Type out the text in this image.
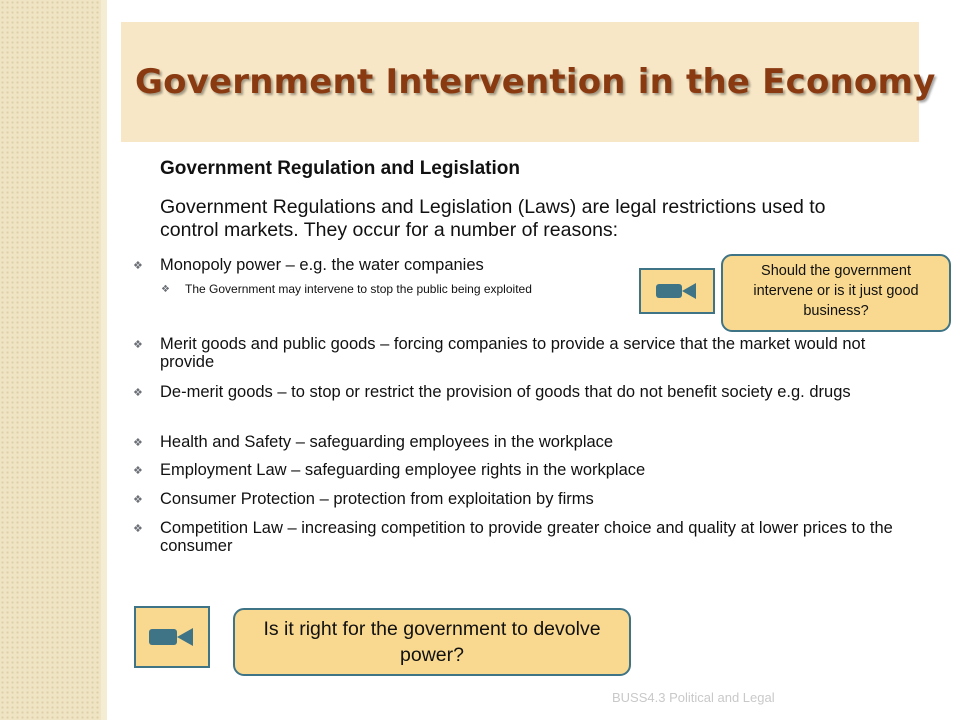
Government Intervention in the Economy
Government Regulation and Legislation

Government Regulations and Legislation (Laws) are legal restrictions used to control markets. They occur for a number of reasons:

❖ Monopoly power – e.g. the water companies
❖ The Government may intervene to stop the public being exploited
❖ Merit goods and public goods – forcing companies to provide a service that the market would not provide
❖ De-merit goods – to stop or restrict the provision of goods that do not benefit society e.g. drugs
❖ Health and Safety – safeguarding employees in the workplace
❖ Employment Law – safeguarding employee rights in the workplace
❖ Consumer Protection – protection from exploitation by firms
❖ Competition Law – increasing competition to provide greater choice and quality at lower prices to the consumer
Should the government intervene or is it just good business?
Is it right for the government to devolve power?
BUSS4.3 Political and Legal
